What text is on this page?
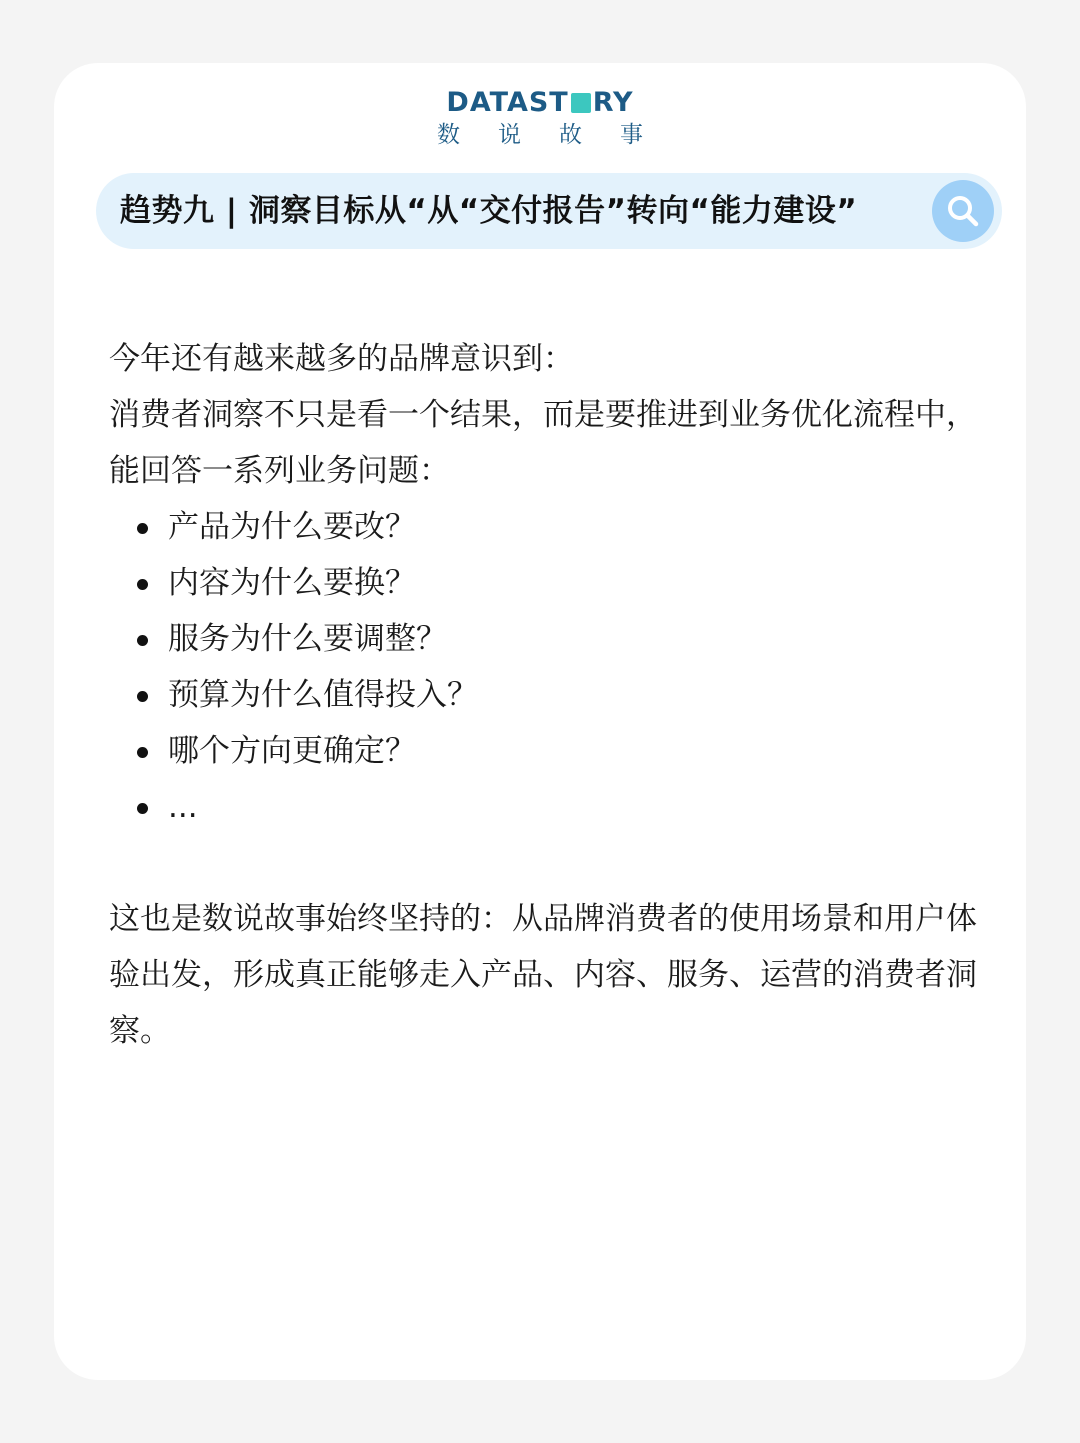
DATAST RY
数 说 故 事
趋势九 | 洞察目标从“从“交付报告”转向“能力建设”

今年还有越来越多的品牌意识到：

消费者洞察不只是看一个结果，而是要推进到业务优化流程中，能回答一系列业务问题：

产品为什么要改？
内容为什么要换？
服务为什么要调整？
预算为什么值得投入？
哪个方向更确定？
...

这也是数说故事始终坚持的：从品牌消费者的使用场景和用户体验出发，形成真正能够走入产品、内容、服务、运营的消费者洞察。
